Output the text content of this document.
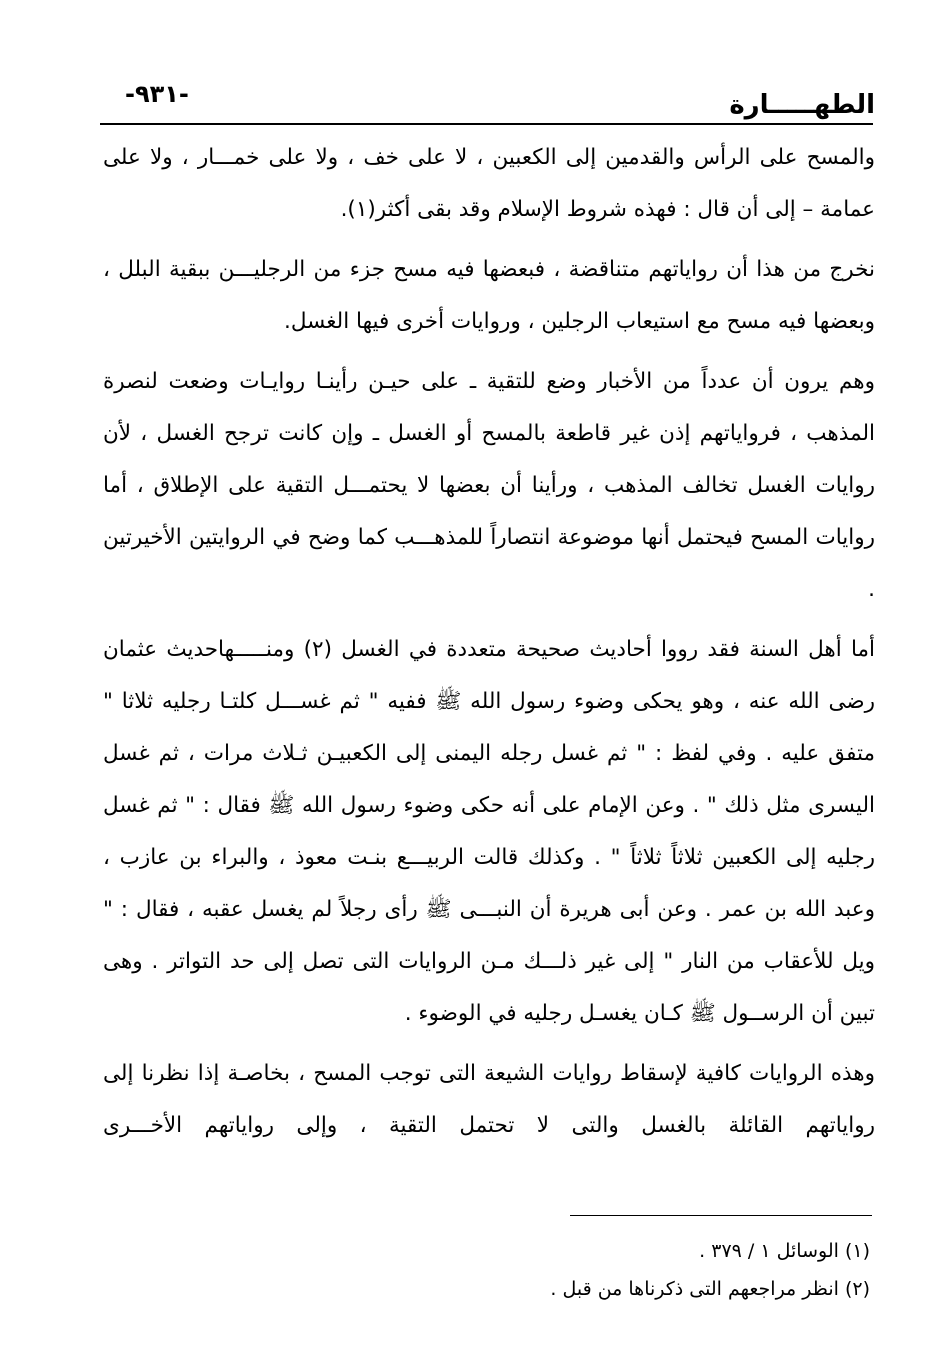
-٩٣١-	الطهـــــارة

والمسح على الرأس والقدمين إلى الكعبين ، لا على خف ، ولا على خمـــار ، ولا على عمامة – إلى أن قال : فهذه شروط الإسلام وقد بقى أكثر(١).

نخرج من هذا أن رواياتهم متناقضة ، فبعضها فيه مسح جزء من الرجليـــن ببقية البلل ، وبعضها فيه مسح مع استيعاب الرجلين ، وروايات أخرى فيها الغسل.

وهم يرون أن عدداً من الأخبار وضع للتقية ـ على حيـن رأينـا روايـات وضعت لنصرة المذهب ، فرواياتهم إذن غير قاطعة بالمسح أو الغسل ـ وإن كانت ترجح الغسل ، لأن روايات الغسل تخالف المذهب ، ورأينا أن بعضها لا يحتمـــل التقية على الإطلاق ، أما روايات المسح فيحتمل أنها موضوعة انتصاراً للمذهـــب كما وضح في الروايتين الأخيرتين .

أما أهل السنة فقد رووا أحاديث صحيحة متعددة في الغسل (٢) ومنـــــهاحديث عثمان رضى الله عنه ، وهو يحكى وضوء رسول الله ﷺ ففيه " ثم غســـل كلتـا رجليه ثلاثا " متفق عليه . وفي لفظ : " ثم غسل رجله اليمنى إلى الكعبيـن ثـلاث مرات ، ثم غسل اليسرى مثل ذلك " . وعن الإمام على أنه حكى وضوء رسول الله ﷺ فقال : " ثم غسل رجليه إلى الكعبين ثلاثاً ثلاثاً " . وكذلك قالت الربيـــع بنـت معوذ ، والبراء بن عازب ، وعبد الله بن عمر . وعن أبى هريرة أن النبـــى ﷺ رأى رجلاً لم يغسل عقبه ، فقال : " ويل للأعقاب من النار " إلى غير ذلـــك مـن الروايات التى تصل إلى حد التواتر . وهى تبين أن الرســول ﷺ كـان يغسـل رجليه في الوضوء .

وهذه الروايات كافية لإسقاط روايات الشيعة التى توجب المسح ، بخاصـة إذا نظرنا إلى رواياتهم القائلة بالغسل والتى لا تحتمل التقية ، وإلى رواياتهم الأخـــرى

(١) الوسائل ١ / ٣٧٩ .

(٢) انظر مراجعهم التى ذكرناها من قبل .
